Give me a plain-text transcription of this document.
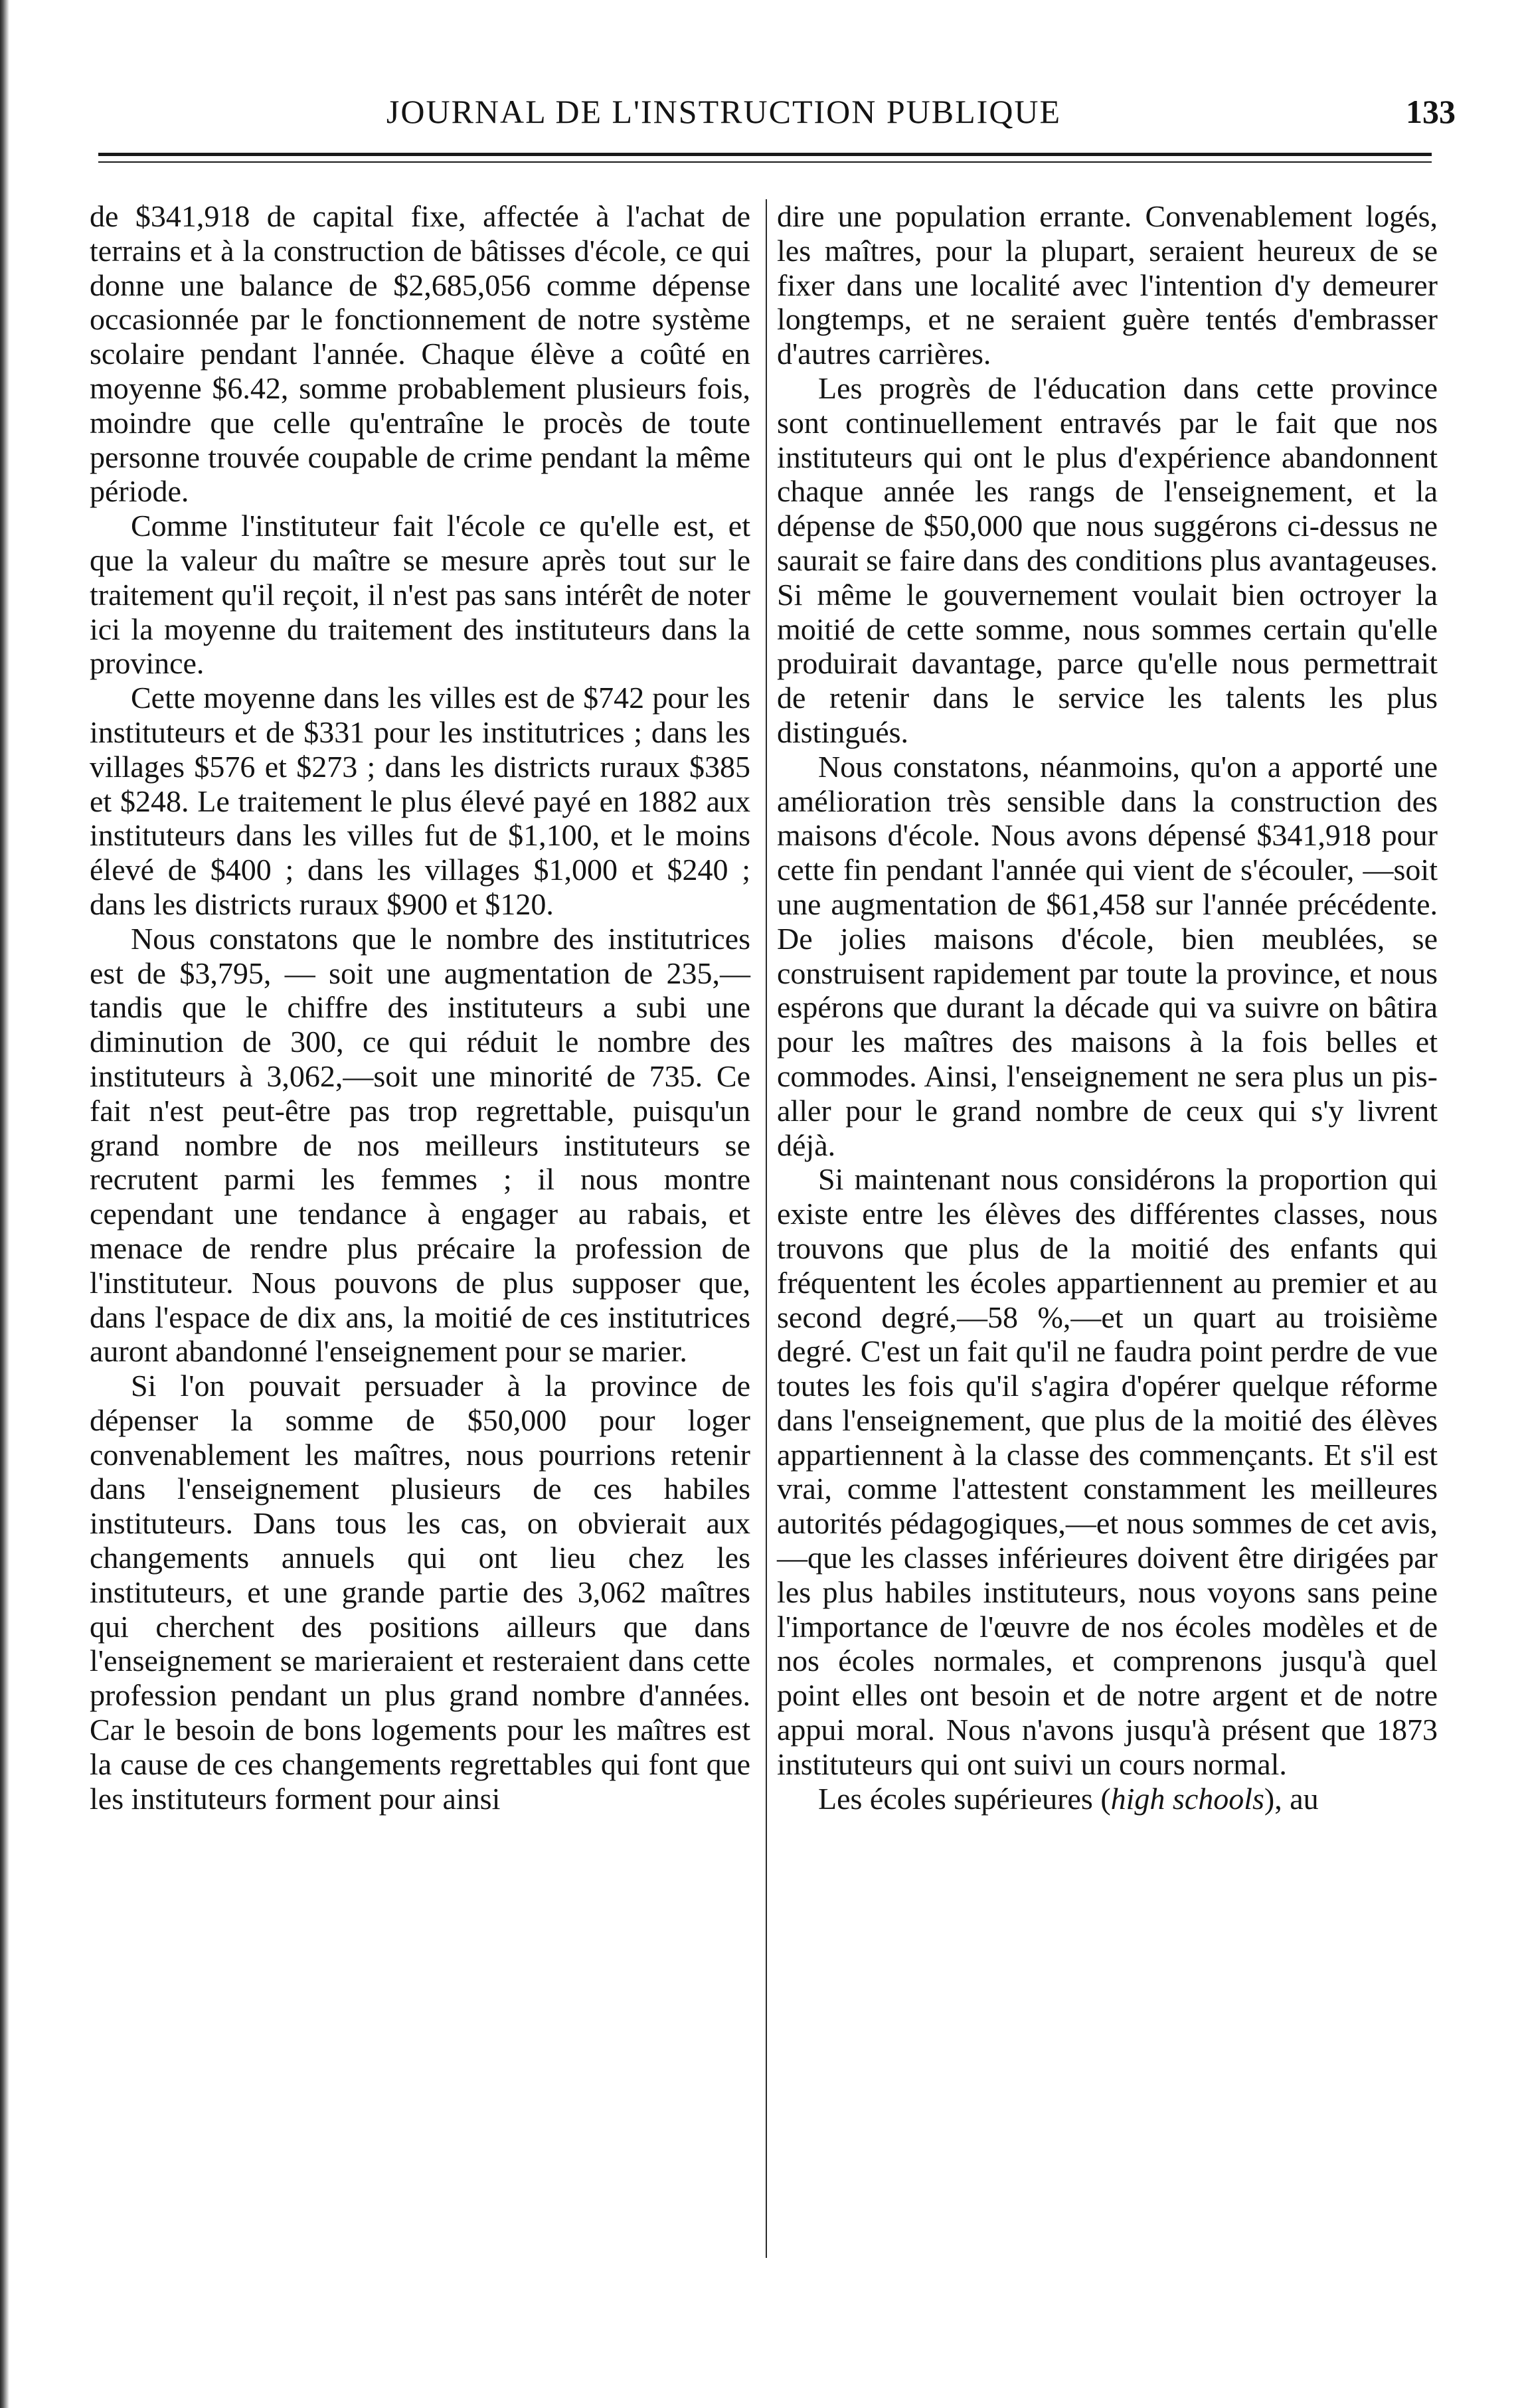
JOURNAL DE L'INSTRUCTION PUBLIQUE	133

de $341,918 de capital fixe, affectée à l'achat de terrains et à la construction de bâtisses d'école, ce qui donne une balance de $2,685,056 comme dépense occasionnée par le fonctionnement de notre système scolaire pendant l'année. Chaque élève a coûté en moyenne $6.42, somme probablement plusieurs fois, moindre que celle qu'entraîne le procès de toute personne trouvée coupable de crime pendant la même période.

Comme l'instituteur fait l'école ce qu'elle est, et que la valeur du maître se mesure après tout sur le traitement qu'il reçoit, il n'est pas sans intérêt de noter ici la moyenne du traitement des instituteurs dans la province.

Cette moyenne dans les villes est de $742 pour les instituteurs et de $331 pour les institutrices ; dans les villages $576 et $273 ; dans les districts ruraux $385 et $248. Le traitement le plus élevé payé en 1882 aux instituteurs dans les villes fut de $1,100, et le moins élevé de $400 ; dans les villages $1,000 et $240 ; dans les districts ruraux $900 et $120.

Nous constatons que le nombre des institutrices est de $3,795, — soit une augmentation de 235,—tandis que le chiffre des instituteurs a subi une diminution de 300, ce qui réduit le nombre des instituteurs à 3,062,—soit une minorité de 735. Ce fait n'est peut-être pas trop regrettable, puisqu'un grand nombre de nos meilleurs instituteurs se recrutent parmi les femmes ; il nous montre cependant une tendance à engager au rabais, et menace de rendre plus précaire la profession de l'instituteur. Nous pouvons de plus supposer que, dans l'espace de dix ans, la moitié de ces institutrices auront abandonné l'enseignement pour se marier.

Si l'on pouvait persuader à la province de dépenser la somme de $50,000 pour loger convenablement les maîtres, nous pourrions retenir dans l'enseignement plusieurs de ces habiles instituteurs. Dans tous les cas, on obvierait aux changements annuels qui ont lieu chez les instituteurs, et une grande partie des 3,062 maîtres qui cherchent des positions ailleurs que dans l'enseignement se marieraient et resteraient dans cette profession pendant un plus grand nombre d'années. Car le besoin de bons logements pour les maîtres est la cause de ces changements regrettables qui font que les instituteurs forment pour ainsi

dire une population errante. Convenablement logés, les maîtres, pour la plupart, seraient heureux de se fixer dans une localité avec l'intention d'y demeurer longtemps, et ne seraient guère tentés d'embrasser d'autres carrières.

Les progrès de l'éducation dans cette province sont continuellement entravés par le fait que nos instituteurs qui ont le plus d'expérience abandonnent chaque année les rangs de l'enseignement, et la dépense de $50,000 que nous suggérons ci-dessus ne saurait se faire dans des conditions plus avantageuses. Si même le gouvernement voulait bien octroyer la moitié de cette somme, nous sommes certain qu'elle produirait davantage, parce qu'elle nous permettrait de retenir dans le service les talents les plus distingués.

Nous constatons, néanmoins, qu'on a apporté une amélioration très sensible dans la construction des maisons d'école. Nous avons dépensé $341,918 pour cette fin pendant l'année qui vient de s'écouler, —soit une augmentation de $61,458 sur l'année précédente. De jolies maisons d'école, bien meublées, se construisent rapidement par toute la province, et nous espérons que durant la décade qui va suivre on bâtira pour les maîtres des maisons à la fois belles et commodes. Ainsi, l'enseignement ne sera plus un pis-aller pour le grand nombre de ceux qui s'y livrent déjà.

Si maintenant nous considérons la proportion qui existe entre les élèves des différentes classes, nous trouvons que plus de la moitié des enfants qui fréquentent les écoles appartiennent au premier et au second degré,—58 %,—et un quart au troisième degré. C'est un fait qu'il ne faudra point perdre de vue toutes les fois qu'il s'agira d'opérer quelque réforme dans l'enseignement, que plus de la moitié des élèves appartiennent à la classe des commençants. Et s'il est vrai, comme l'attestent constamment les meilleures autorités pédagogiques,—et nous sommes de cet avis,—que les classes inférieures doivent être dirigées par les plus habiles instituteurs, nous voyons sans peine l'importance de l'œuvre de nos écoles modèles et de nos écoles normales, et comprenons jusqu'à quel point elles ont besoin et de notre argent et de notre appui moral. Nous n'avons jusqu'à présent que 1873 instituteurs qui ont suivi un cours normal.

Les écoles supérieures (high schools), au
